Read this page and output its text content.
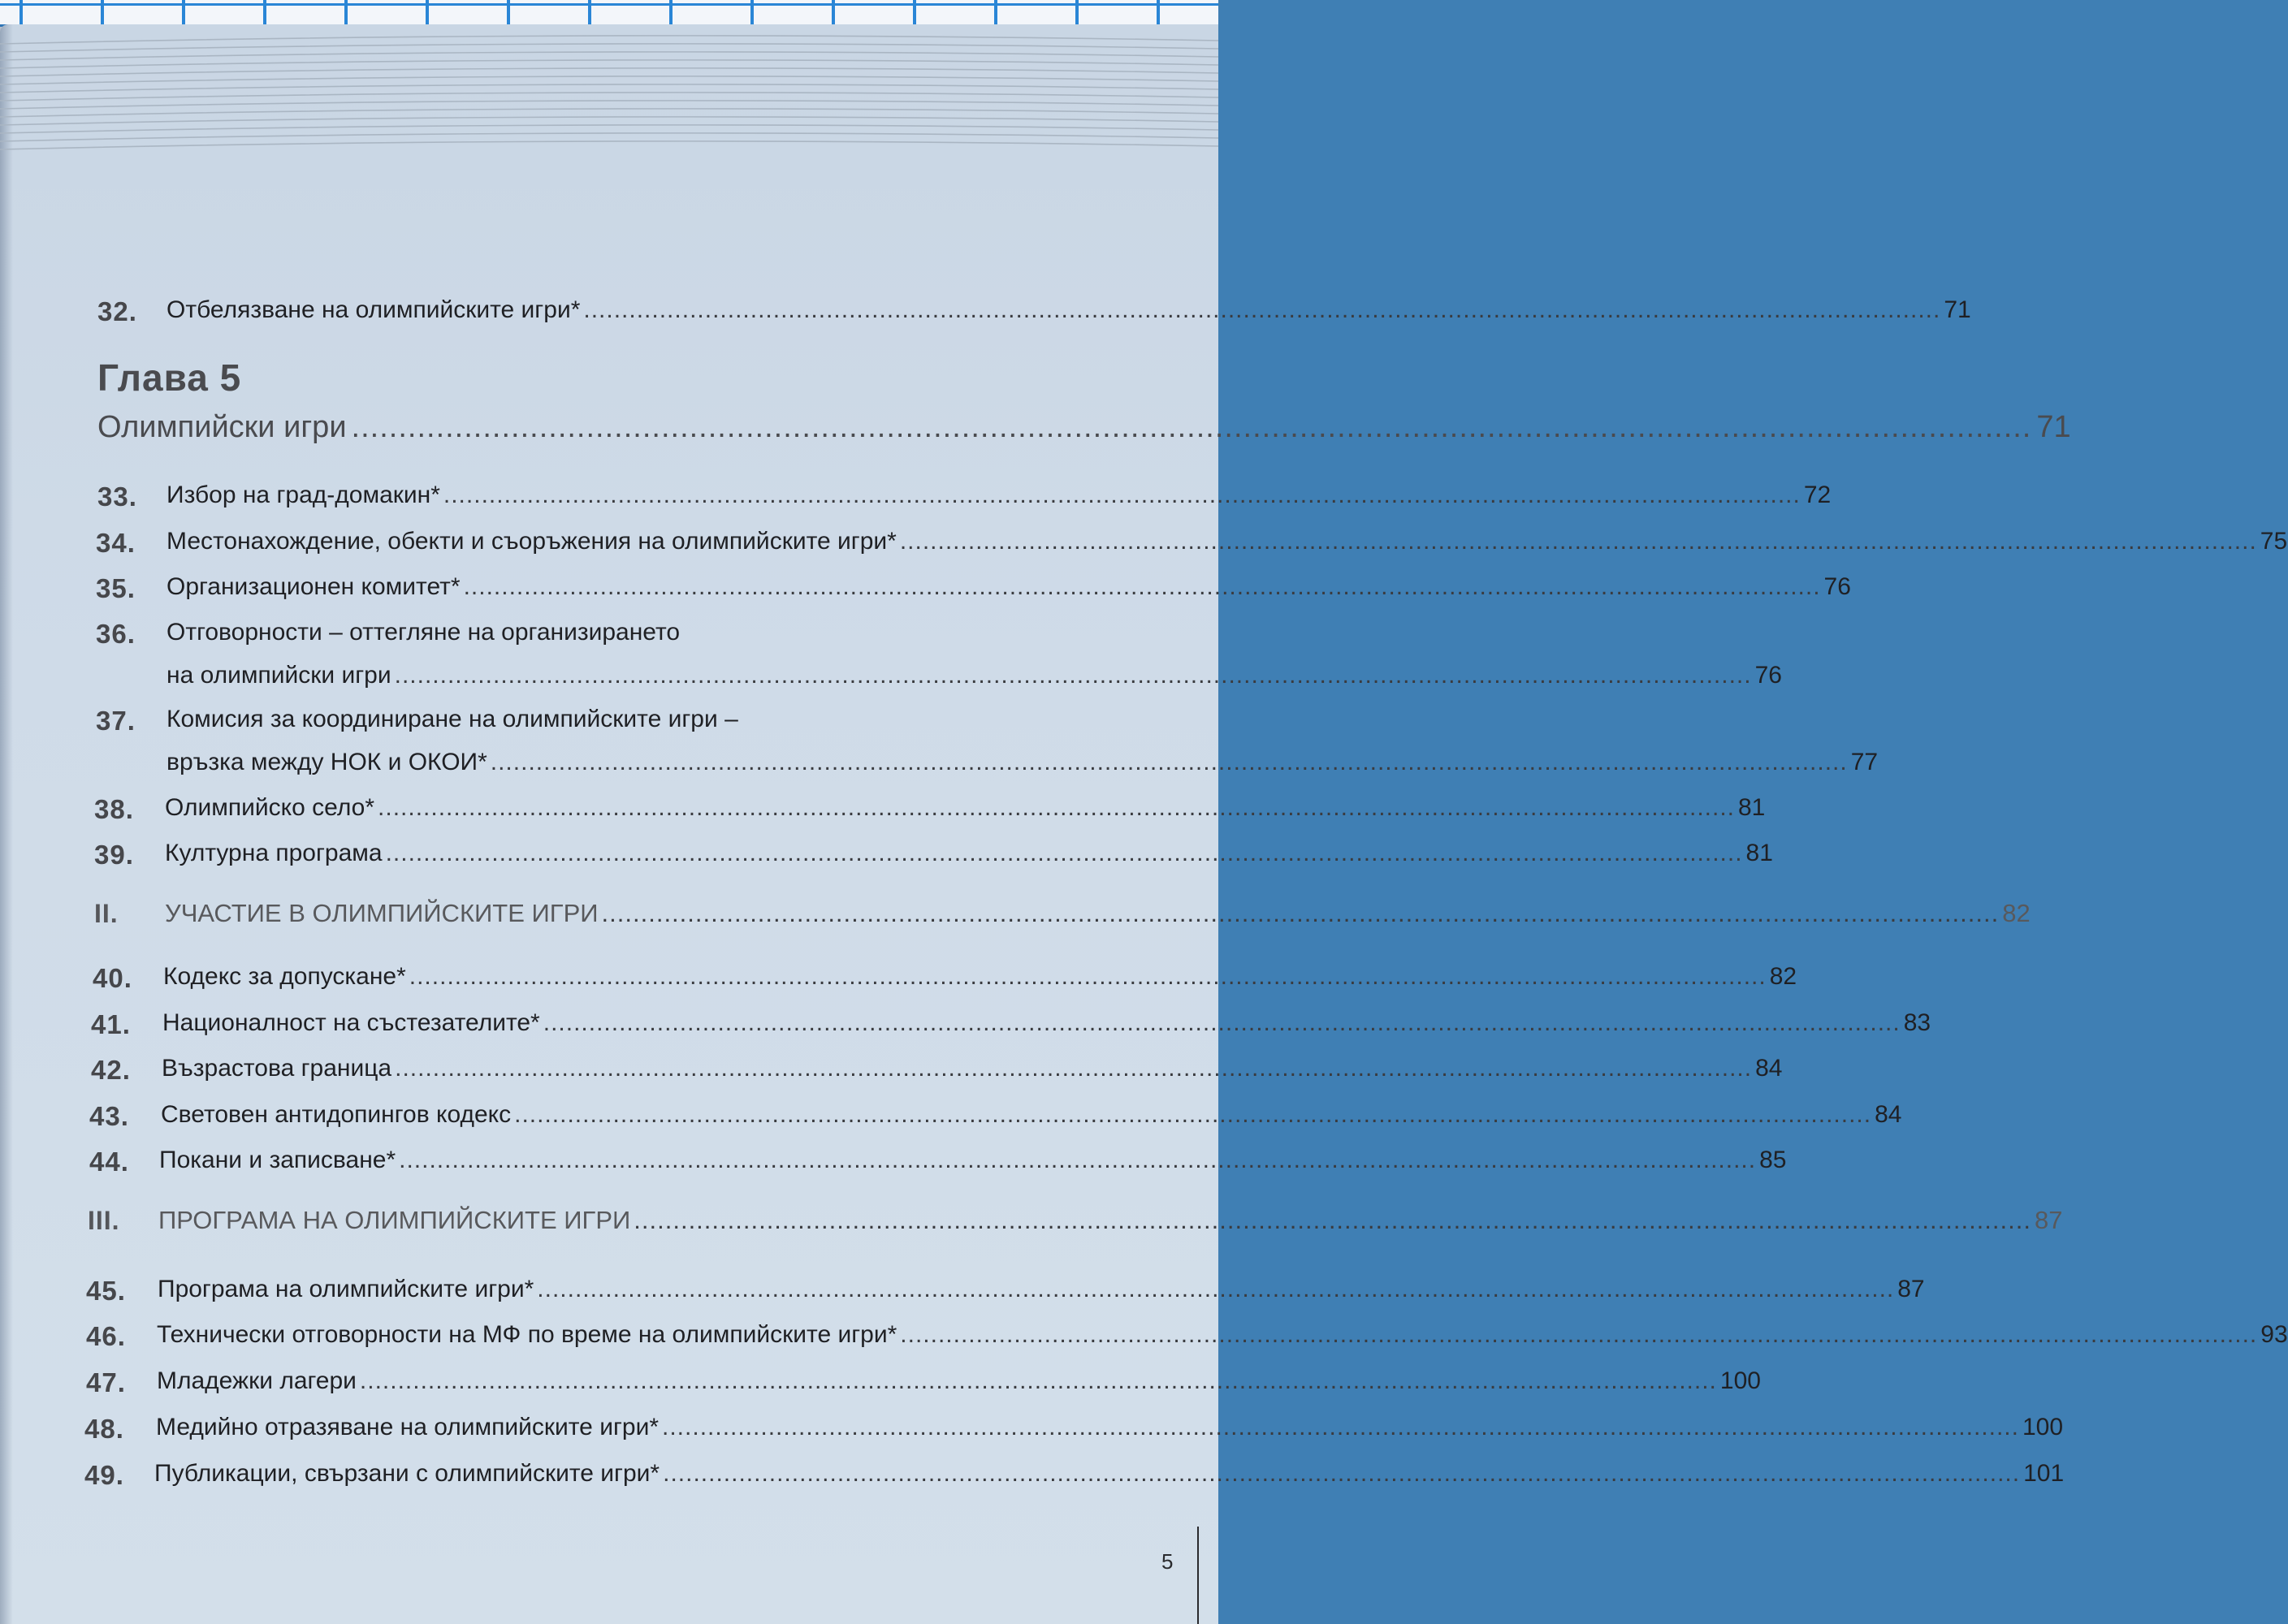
32.	Отбелязване на олимпийските игри* ................................................................................................................................................................................... 71
Глава 5
Олимпийски игри ................................................................................................................................................................................... 71
33.	Избор на град-домакин* ................................................................................................................................................................................... 72
34.	Местонахождение, обекти и съоръжения на олимпийските игри* ................................................................................................................................................................................... 75
35.	Организационен комитет* ................................................................................................................................................................................... 76
36.	Отговорности – оттегляне на организирането
на олимпийски игри ................................................................................................................................................................................... 76
37.	Комисия за координиране на олимпийските игри –
връзка между НОК и ОКОИ* ................................................................................................................................................................................... 77
38.	Олимпийско село* ................................................................................................................................................................................... 81
39.	Културна програма ................................................................................................................................................................................... 81
II.	УЧАСТИЕ В ОЛИМПИЙСКИТЕ ИГРИ ................................................................................................................................................................................... 82
40.	Кодекс за допускане* ................................................................................................................................................................................... 82
41.	Националност на състезателите* ................................................................................................................................................................................... 83
42.	Възрастова граница ................................................................................................................................................................................... 84
43.	Световен антидопингов кодекс ................................................................................................................................................................................... 84
44.	Покани и записване* ................................................................................................................................................................................... 85
III.	ПРОГРАМА НА ОЛИМПИЙСКИТЕ ИГРИ ................................................................................................................................................................................... 87
45.	Програма на олимпийските игри* ................................................................................................................................................................................... 87
46.	Технически отговорности на МФ по време на олимпийските игри* ................................................................................................................................................................................... 93
47.	Младежки лагери ................................................................................................................................................................................... 100
48.	Медийно отразяване на олимпийските игри* ................................................................................................................................................................................... 100
49.	Публикации, свързани с олимпийските игри* ................................................................................................................................................................................... 101
5
